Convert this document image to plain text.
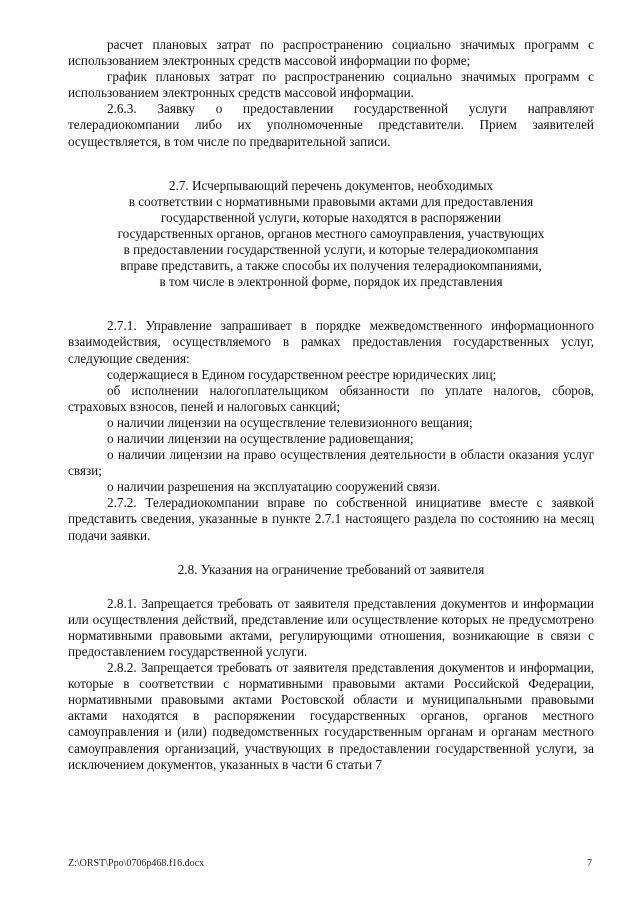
расчет плановых затрат по распространению социально значимых программ с использованием электронных средств массовой информации по форме;

график плановых затрат по распространению социально значимых программ с использованием электронных средств массовой информации.

2.6.3. Заявку о предоставлении государственной услуги направляют телерадиокомпании либо их уполномоченные представители. Прием заявителей осуществляется, в том числе по предварительной записи.

2.7. Исчерпывающий перечень документов, необходимых

в соответствии с нормативными правовыми актами для предоставления

государственной услуги, которые находятся в распоряжении

государственных органов, органов местного самоуправления, участвующих

в предоставлении государственной услуги, и которые телерадиокомпания

вправе представить, а также способы их получения телерадиокомпаниями,

в том числе в электронной форме, порядок их представления

2.7.1. Управление запрашивает в порядке межведомственного информационного взаимодействия, осуществляемого в рамках предоставления государственных услуг, следующие сведения:

содержащиеся в Едином государственном реестре юридических лиц;

об исполнении налогоплательщиком обязанности по уплате налогов, сборов, страховых взносов, пеней и налоговых санкций;

о наличии лицензии на осуществление телевизионного вещания;

о наличии лицензии на осуществление радиовещания;

о наличии лицензии на право осуществления деятельности в области оказания услуг связи;

о наличии разрешения на эксплуатацию сооружений связи.

2.7.2. Телерадиокомпании вправе по собственной инициативе вместе с заявкой представить сведения, указанные в пункте 2.7.1 настоящего раздела по состоянию на месяц подачи заявки.

2.8. Указания на ограничение требований от заявителя

2.8.1. Запрещается требовать от заявителя представления документов и информации или осуществления действий, представление или осуществление которых не предусмотрено нормативными правовыми актами, регулирующими отношения, возникающие в связи с предоставлением государственной услуги.

2.8.2. Запрещается требовать от заявителя представления документов и информации, которые в соответствии с нормативными правовыми актами Российской Федерации, нормативными правовыми актами Ростовской области и муниципальными правовыми актами находятся в распоряжении государственных органов, органов местного самоуправления и (или) подведомственных государственным органам и органам местного самоуправления организаций, участвующих в предоставлении государственной услуги, за исключением документов, указанных в части 6 статьи 7

Z:\ORST\Ppo\0706p468.f16.docx	7
